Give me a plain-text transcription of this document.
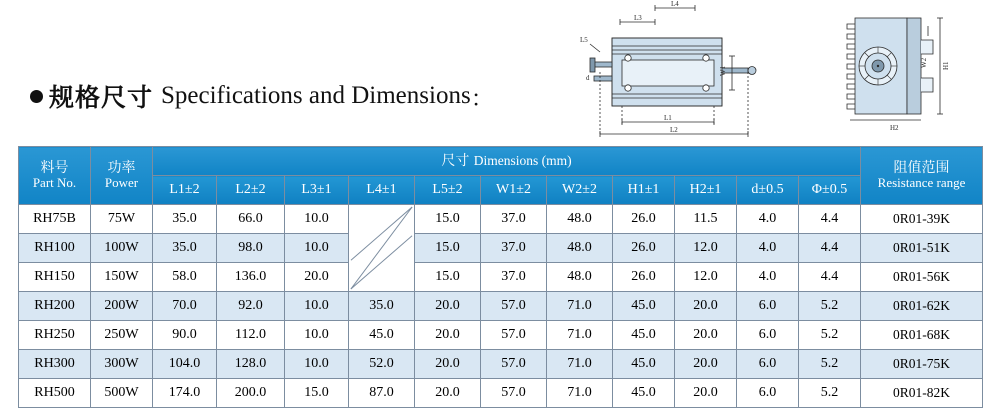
L4
L3
L5
d
W1
L1
L2
W2 H1
H2
规格尺寸 Specifications and Dimensions ：
料号
Part No.	功率
Power	尺寸 Dimensions (mm)											阻值范围
Resistance range

		L1±2	L2±2	L3±1	L4±1	L5±2	W1±2	W2±2	H1±1	H2±1	d±0.5	Φ±0.5	
RH75B	75W	35.0	66.0	10.0		15.0	37.0	48.0	26.0	11.5	4.0	4.4	0R01-39K
RH100	100W	35.0	98.0	10.0		15.0	37.0	48.0	26.0	12.0	4.0	4.4	0R01-51K
RH150	150W	58.0	136.0	20.0		15.0	37.0	48.0	26.0	12.0	4.0	4.4	0R01-56K
RH200	200W	70.0	92.0	10.0	35.0	20.0	57.0	71.0	45.0	20.0	6.0	5.2	0R01-62K
RH250	250W	90.0	112.0	10.0	45.0	20.0	57.0	71.0	45.0	20.0	6.0	5.2	0R01-68K
RH300	300W	104.0	128.0	10.0	52.0	20.0	57.0	71.0	45.0	20.0	6.0	5.2	0R01-75K
RH500	500W	174.0	200.0	15.0	87.0	20.0	57.0	71.0	45.0	20.0	6.0	5.2	0R01-82K
